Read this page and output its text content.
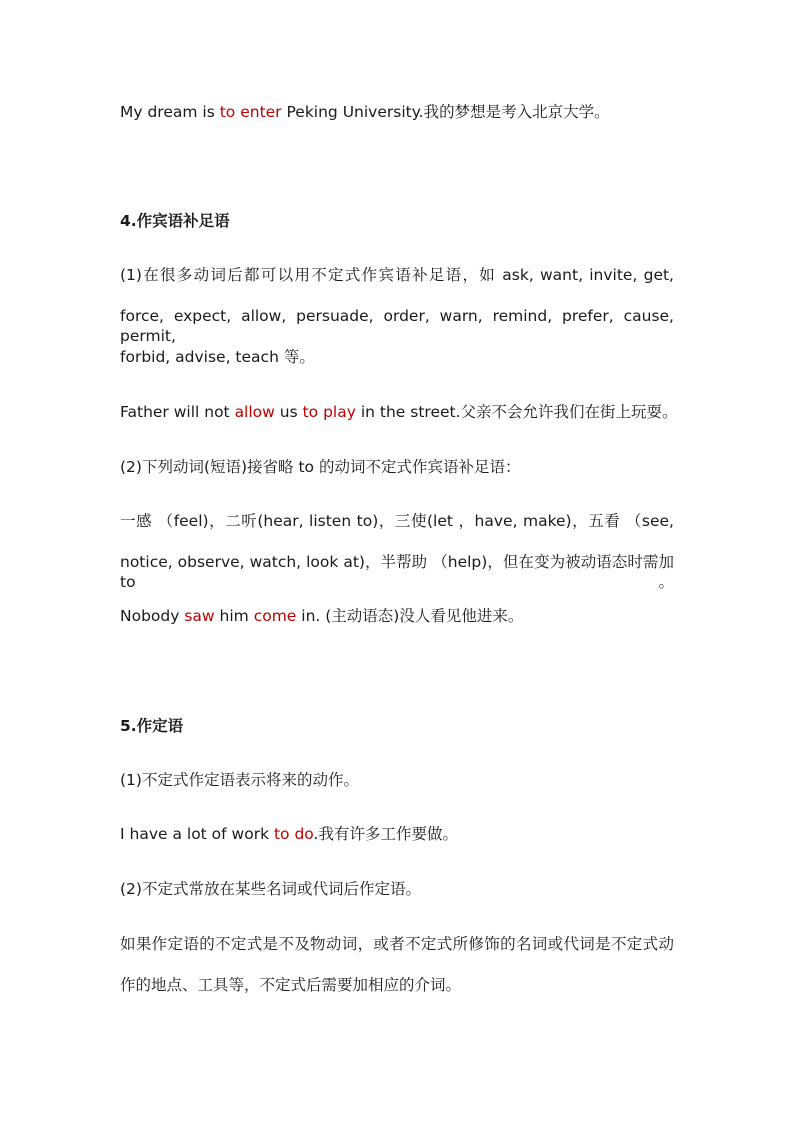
My dream is to enter Peking University.我的梦想是考入北京大学。
4.作宾语补足语
(1)在很多动词后都可以用不定式作宾语补足语，如 ask, want, invite, get,
force, expect, allow, persuade, order, warn, remind, prefer, cause, permit,
forbid, advise, teach 等。
Father will not allow us to play in the street.父亲不会允许我们在街上玩耍。
(2)下列动词(短语)接省略 to 的动词不定式作宾语补足语：
一感 （feel)，二听(hear, listen to)，三使(let ，have, make)，五看 （see,
notice, observe, watch, look at)，半帮助 （help)，但在变为被动语态时需加 to。
Nobody saw him come in. (主动语态)没人看见他进来。
5.作定语
(1)不定式作定语表示将来的动作。
I have a lot of work to do.我有许多工作要做。
(2)不定式常放在某些名词或代词后作定语。
如果作定语的不定式是不及物动词，或者不定式所修饰的名词或代词是不定式动
作的地点、工具等，不定式后需要加相应的介词。
